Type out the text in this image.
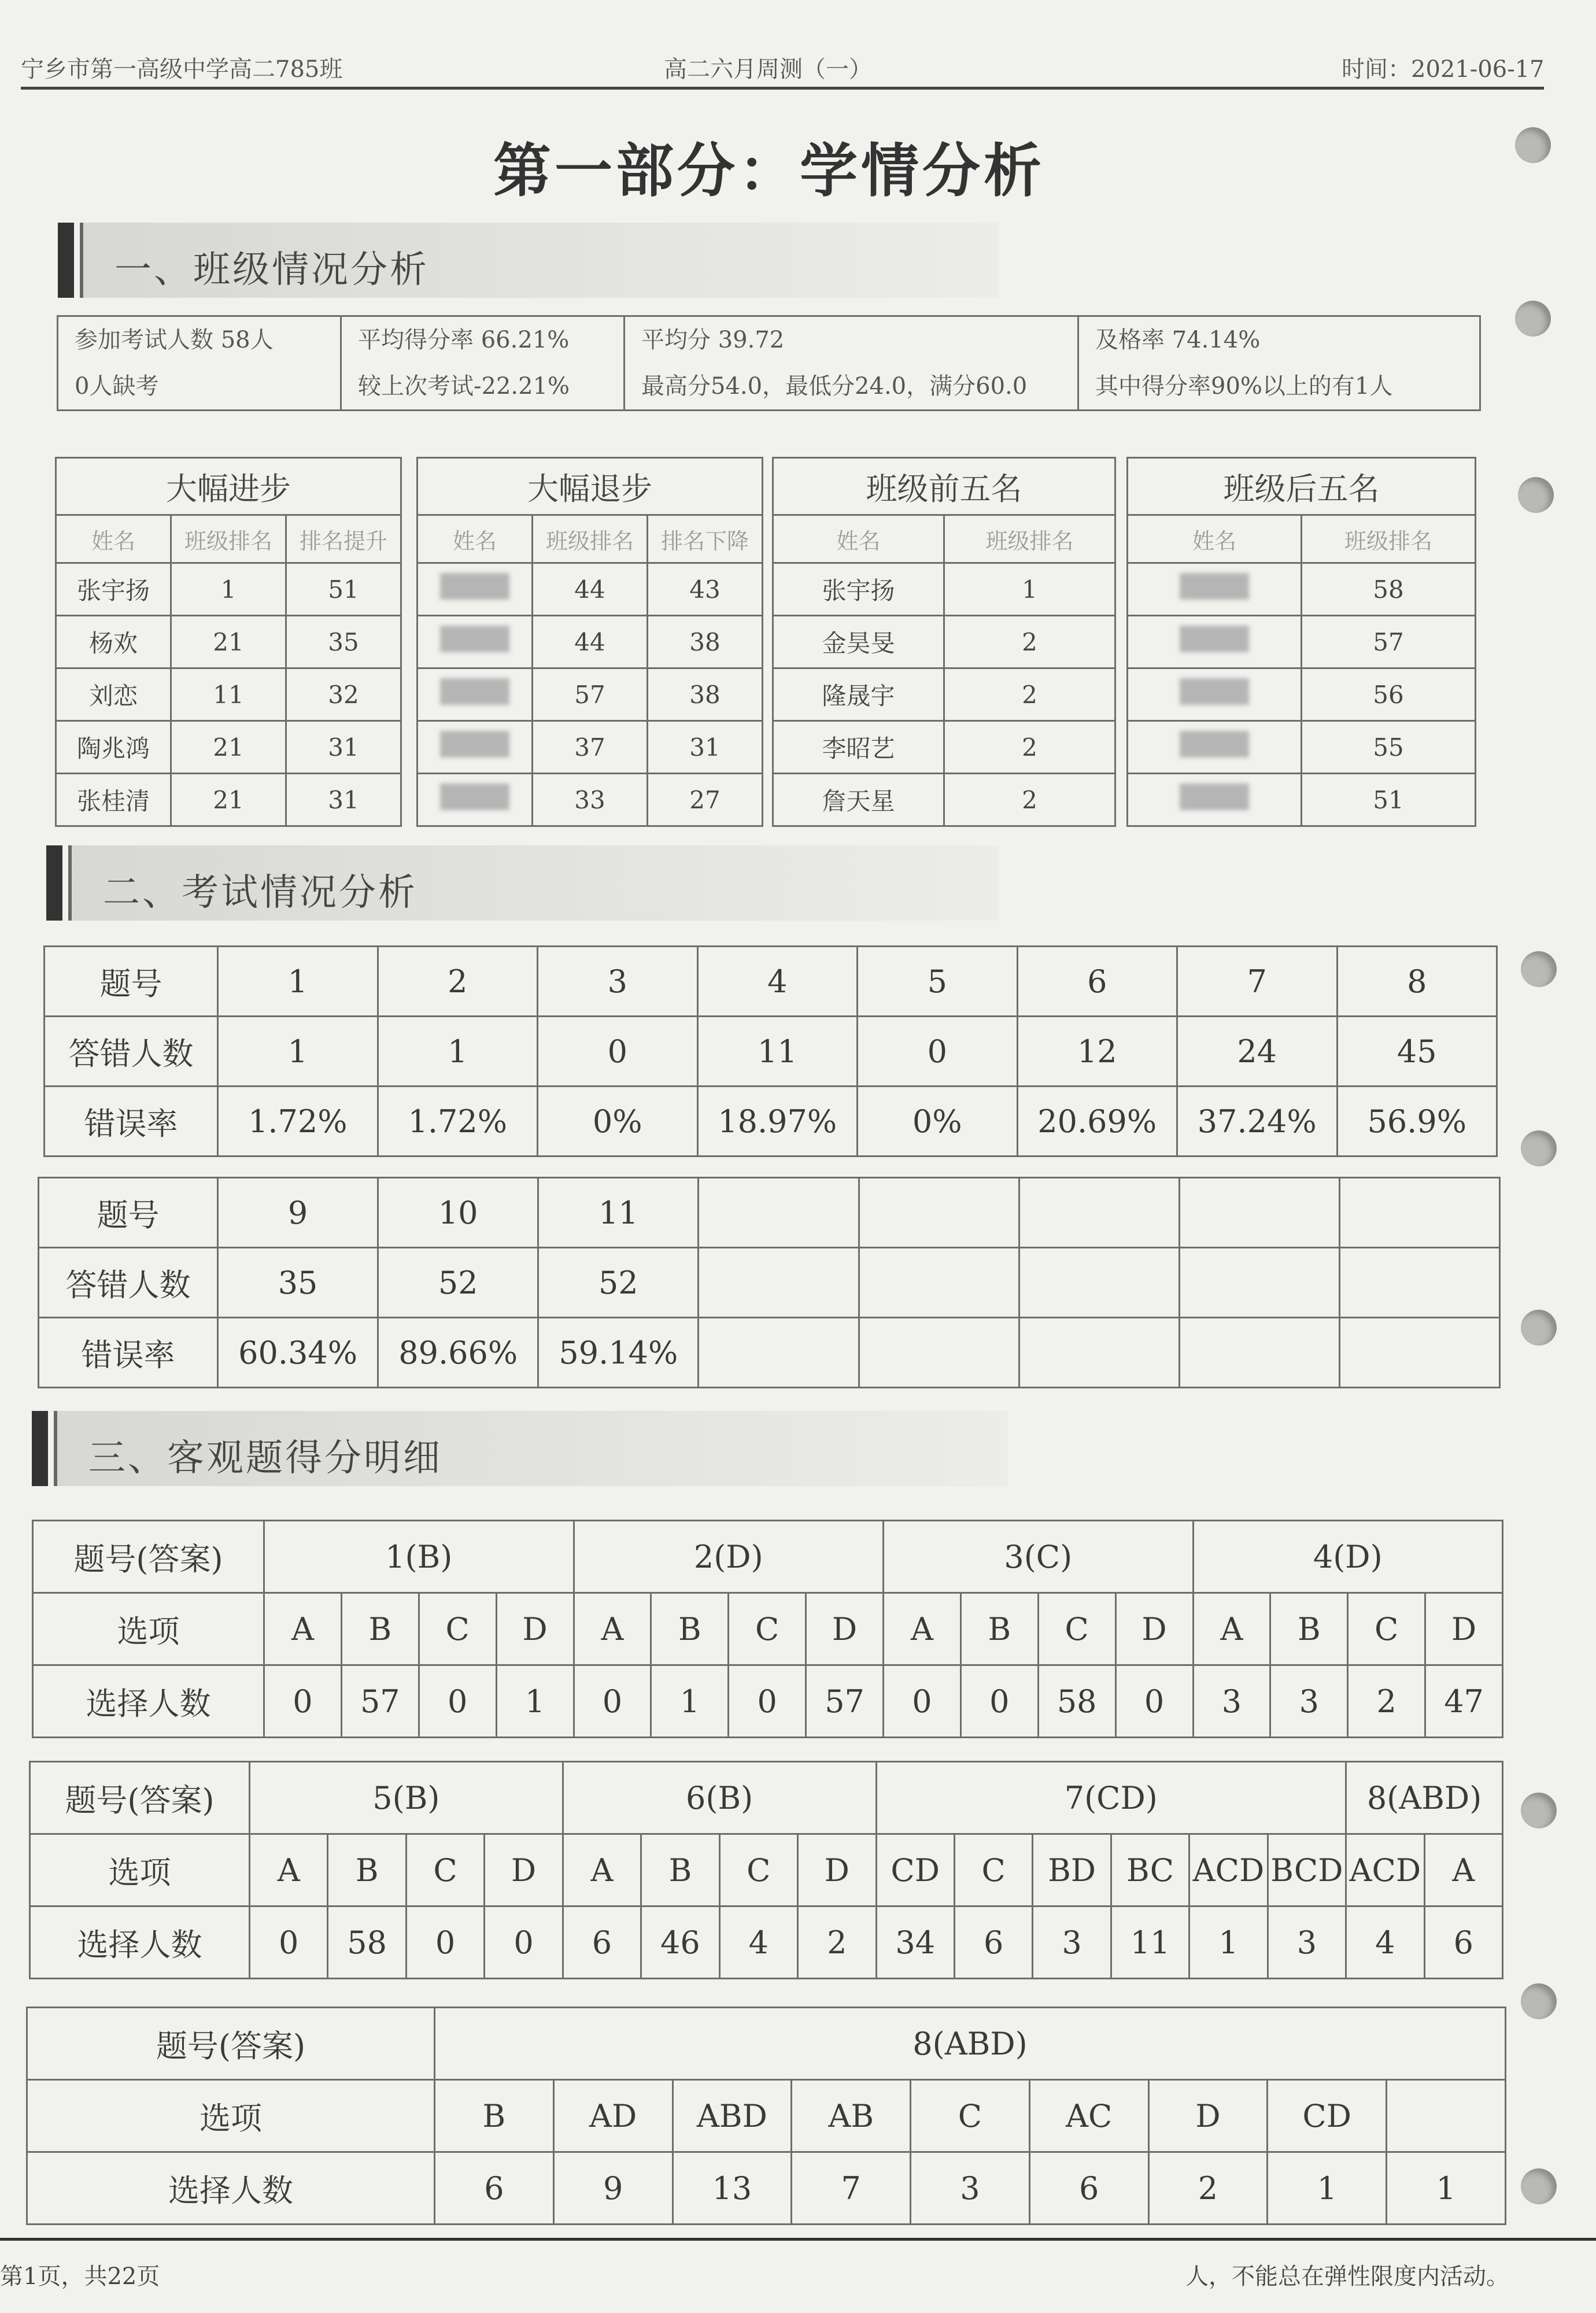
宁乡市第一高级中学高二785班	高二六月周测（一）	时间：2021-06-17
第一部分：学情分析
一、班级情况分析
参加考试人数 58人
0人缺考

平均得分率 66.21%
较上次考试-22.21%

平均分 39.72
最高分54.0，最低分24.0，满分60.0

及格率 74.14%
其中得分率90%以上的有1人
大幅进步		
姓名	班级排名	排名提升
张宇扬	1	51
杨欢	21	35
刘恋	11	32
陶兆鸿	21	31
张桂清	21	31
大幅退步		
姓名	班级排名	排名下降
	44	43
	44	38
	57	38
	37	31
	33	27
班级前五名	
姓名	班级排名
张宇扬	1
金昊旻	2
隆晟宇	2
李昭艺	2
詹天星	2
班级后五名	
姓名	班级排名
	58
	57
	56
	55
	51
二、考试情况分析
题号	1	2	3	4	5	6	7	8
答错人数	1	1	0	11	0	12	24	45
错误率	1.72%	1.72%	0%	18.97%	0%	20.69%	37.24%	56.9%
题号	9	10	11					
答错人数	35	52	52					
错误率	60.34%	89.66%	59.14%					
三、客观题得分明细
题号(答案)	1(B)				2(D)				3(C)				4(D)			
选项	A	B	C	D	A	B	C	D	A	B	C	D	A	B	C	D
选择人数	0	57	0	1	0	1	0	57	0	0	58	0	3	3	2	47
题号(答案)	5(B)				6(B)				7(CD)						8(ABD)	
选项	A	B	C	D	A	B	C	D	CD	C	BD	BC	ACD	BCD	ACD	A
选择人数	0	58	0	0	6	46	4	2	34	6	3	11	1	3	4	6
题号(答案)	8(ABD)								
选项	B	AD	ABD	AB	C	AC	D	CD	
选择人数	6	9	13	7	3	6	2	1	1
第1页，共22页	人，不能总在弹性限度内活动。
